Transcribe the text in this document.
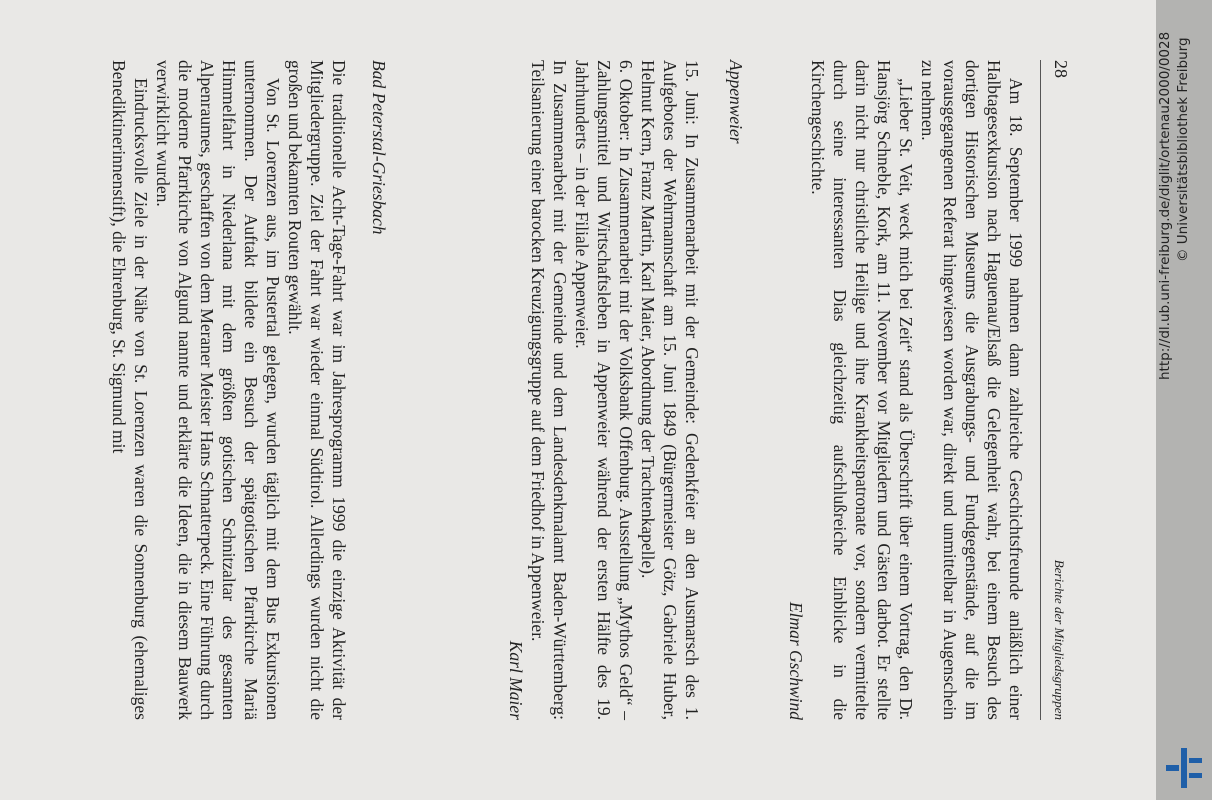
28
Berichte der Mitgliedsgruppen

Am 18. September 1999 nahmen dann zahlreiche Geschichtsfreunde anläßlich einer Halbtagesexkursion nach Haguenau/Elsaß die Gelegenheit wahr, bei einem Besuch des dortigen Historischen Museums die Ausgrabungs- und Fundgegenstände, auf die im vorausgegangenen Referat hingewiesen worden war, direkt und unmittelbar in Augenschein zu nehmen.

„Lieber St. Veit, weck mich bei Zeit“ stand als Überschrift über einem Vortrag, den Dr. Hansjörg Schneble, Kork, am 11. November vor Mitgliedern und Gästen darbot. Er stellte darin nicht nur christliche Heilige und ihre Krankheitspatronate vor, sondern vermittelte durch seine interessanten Dias gleichzeitig aufschlußreiche Einblicke in die Kirchengeschichte.

Elmar Gschwind

Appenweier

15. Juni: In Zusammenarbeit mit der Gemeinde: Gedenkfeier an den Ausmarsch des 1. Aufgebotes der Wehrmannschaft am 15. Juni 1849 (Bürgermeister Götz, Gabriele Huber, Helmut Kern, Franz Martin, Karl Maier, Abordnung der Trachtenkapelle).

6. Oktober: In Zusammenarbeit mit der Volksbank Offenburg. Ausstellung „Mythos Geld“ – Zahlungsmittel und Wirtschaftsleben in Appenweier während der ersten Hälfte des 19. Jahrhunderts – in der Filiale Appenweier.

In Zusammenarbeit mit der Gemeinde und dem Landesdenkmalamt Baden-Württemberg: Teilsanierung einer barocken Kreuzigungsgruppe auf dem Friedhof in Appenweier.

Karl Maier

Bad Peterstal-Griesbach

Die traditionelle Acht-Tage-Fahrt war im Jahresprogramm 1999 die einzige Aktivität der Mitgliedergruppe. Ziel der Fahrt war wieder einmal Südtirol. Allerdings wurden nicht die großen und bekannten Routen gewählt.

Von St. Lorenzen aus, im Pustertal gelegen, wurden täglich mit dem Bus Exkursionen unternommen. Der Auftakt bildete ein Besuch der spätgotischen Pfarrkirche Mariä Himmelfahrt in Niederlana mit dem größten gotischen Schnitzaltar des gesamten Alpenraumes, geschaffen von dem Meraner Meister Hans Schnatterpeck. Eine Führung durch die moderne Pfarrkirche von Algund nannte und erklärte die Ideen, die in diesem Bauwerk verwirklicht wurden.

Eindrucksvolle Ziele in der Nähe von St. Lorenzen waren die Sonnenburg (ehemaliges Benediktinerinnenstift), die Ehrenburg, St. Sigmund mit	http://dl.ub.uni-freiburg.de/diglit/ortenau2000/0028 © Universitätsbibliothek Freiburg
